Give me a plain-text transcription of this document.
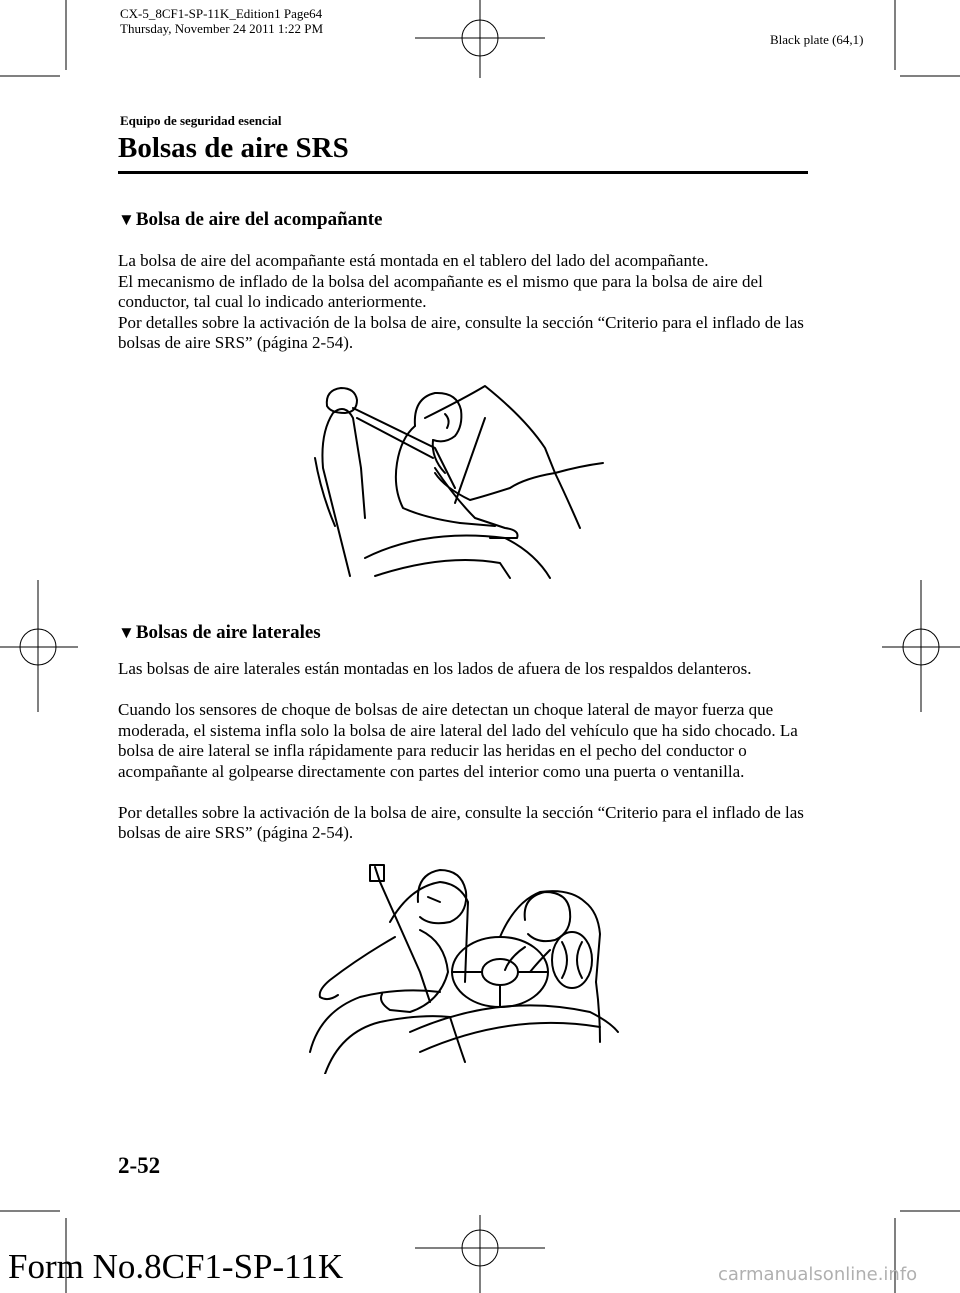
CX-5_8CF1-SP-11K_Edition1 Page64
Thursday, November 24 2011 1:22 PM
Black plate (64,1)
Equipo de seguridad esencial
Bolsas de aire SRS
▼Bolsa de aire del acompañante

La bolsa de aire del acompañante está montada en el tablero del lado del acompañante.

El mecanismo de inflado de la bolsa del acompañante es el mismo que para la bolsa de aire del conductor, tal cual lo indicado anteriormente.

Por detalles sobre la activación de la bolsa de aire, consulte la sección “Criterio para el inflado de las bolsas de aire SRS” (página 2-54).

▼Bolsas de aire laterales

Las bolsas de aire laterales están montadas en los lados de afuera de los respaldos delanteros.

Cuando los sensores de choque de bolsas de aire detectan un choque lateral de mayor fuerza que moderada, el sistema infla solo la bolsa de aire lateral del lado del vehículo que ha sido chocado. La bolsa de aire lateral se infla rápidamente para reducir las heridas en el pecho del conductor o acompañante al golpearse directamente con partes del interior como una puerta o ventanilla.

Por detalles sobre la activación de la bolsa de aire, consulte la sección “Criterio para el inflado de las bolsas de aire SRS” (página 2-54).

2-52
Form No.8CF1-SP-11K	carmanualsonline.info
